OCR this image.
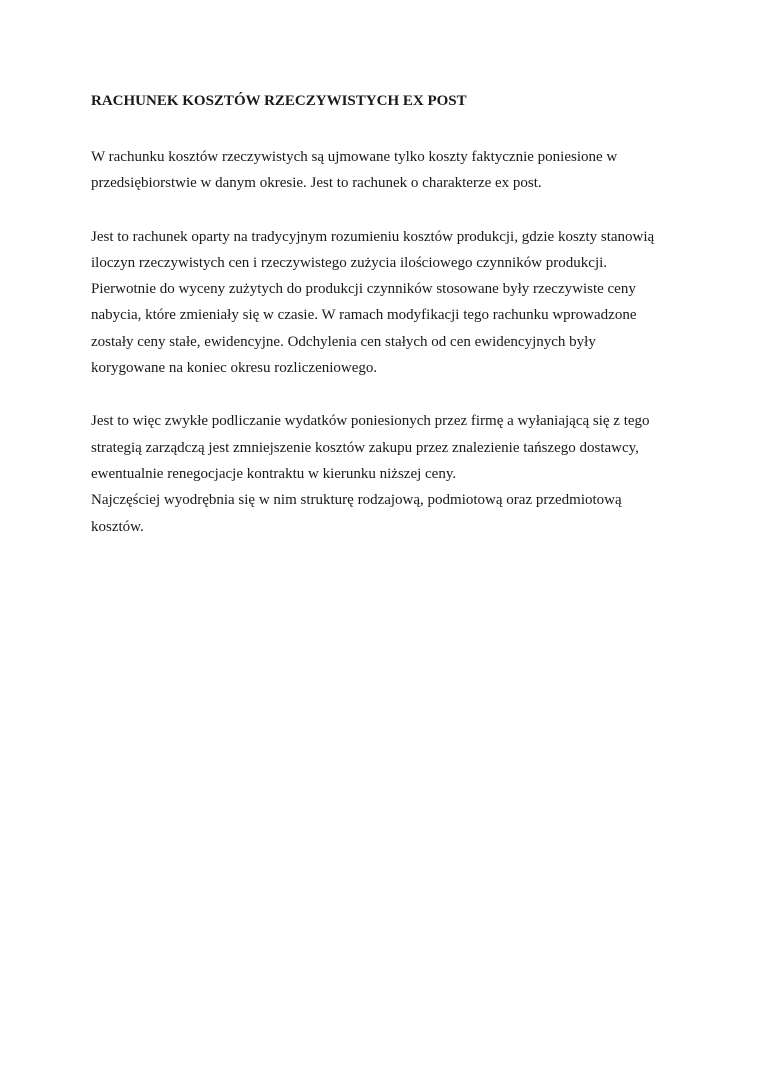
RACHUNEK KOSZTÓW RZECZYWISTYCH EX POST

W rachunku kosztów rzeczywistych są ujmowane tylko koszty faktycznie poniesione w
przedsiębiorstwie w danym okresie. Jest to rachunek o charakterze ex post.

Jest to rachunek oparty na tradycyjnym rozumieniu kosztów produkcji, gdzie koszty stanowią
iloczyn rzeczywistych cen i rzeczywistego zużycia ilościowego czynników produkcji.
Pierwotnie do wyceny zużytych do produkcji czynników stosowane były rzeczywiste ceny
nabycia, które zmieniały się w czasie. W ramach modyfikacji tego rachunku wprowadzone
zostały ceny stałe, ewidencyjne. Odchylenia cen stałych od cen ewidencyjnych były
korygowane na koniec okresu rozliczeniowego.

Jest to więc zwykłe podliczanie wydatków poniesionych przez firmę a wyłaniającą się z tego
strategią zarządczą jest zmniejszenie kosztów zakupu przez znalezienie tańszego dostawcy,
ewentualnie renegocjacje kontraktu w kierunku niższej ceny.
Najczęściej wyodrębnia się w nim strukturę rodzajową, podmiotową oraz przedmiotową
kosztów.
